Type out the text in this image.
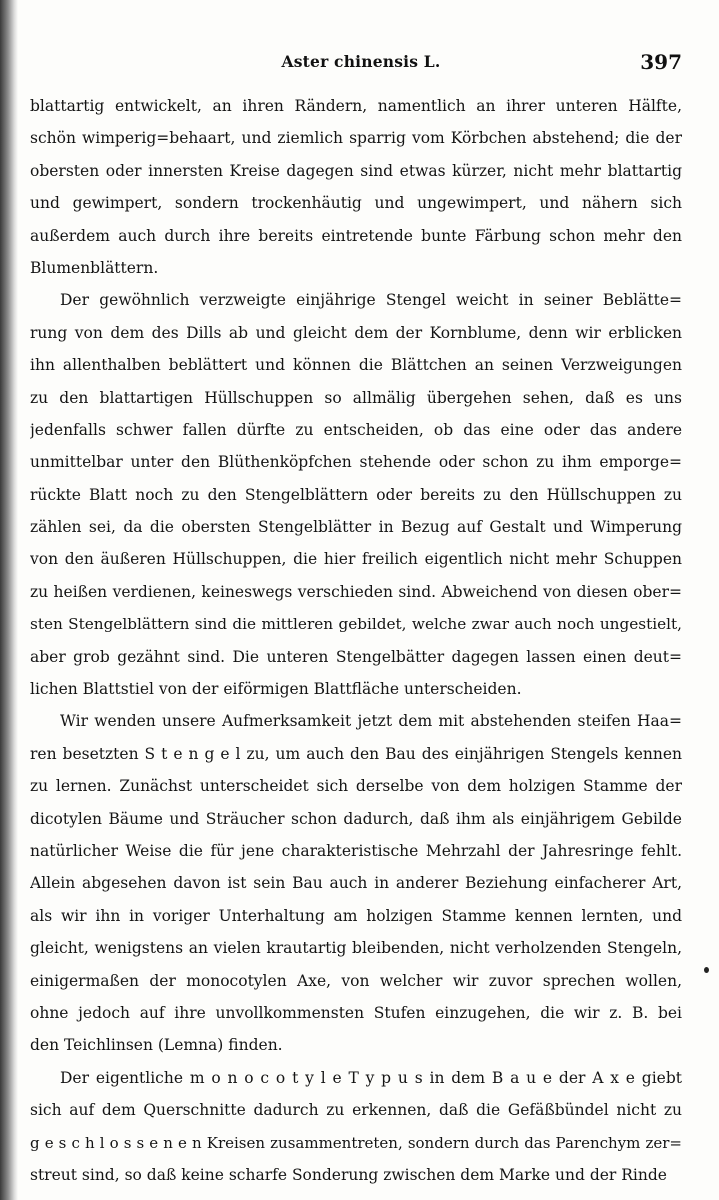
Aster chinensis L.	397
blattartig entwickelt, an ihren Rändern, namentlich an ihrer unteren Hälfte,
schön wimperig=behaart, und ziemlich sparrig vom Körbchen abstehend; die der
obersten oder innersten Kreise dagegen sind etwas kürzer, nicht mehr blattartig
und gewimpert, sondern trockenhäutig und ungewimpert, und nähern sich
außerdem auch durch ihre bereits eintretende bunte Färbung schon mehr den
Blumenblättern.
Der gewöhnlich verzweigte einjährige Stengel weicht in seiner Beblätte=
rung von dem des Dills ab und gleicht dem der Kornblume, denn wir erblicken
ihn allenthalben beblättert und können die Blättchen an seinen Verzweigungen
zu den blattartigen Hüllschuppen so allmälig übergehen sehen, daß es uns
jedenfalls schwer fallen dürfte zu entscheiden, ob das eine oder das andere
unmittelbar unter den Blüthenköpfchen stehende oder schon zu ihm emporge=
rückte Blatt noch zu den Stengelblättern oder bereits zu den Hüllschuppen zu
zählen sei, da die obersten Stengelblätter in Bezug auf Gestalt und Wimperung
von den äußeren Hüllschuppen, die hier freilich eigentlich nicht mehr Schuppen
zu heißen verdienen, keineswegs verschieden sind. Abweichend von diesen ober=
sten Stengelblättern sind die mittleren gebildet, welche zwar auch noch ungestielt,
aber grob gezähnt sind. Die unteren Stengelbätter dagegen lassen einen deut=
lichen Blattstiel von der eiförmigen Blattfläche unterscheiden.
Wir wenden unsere Aufmerksamkeit jetzt dem mit abstehenden steifen Haa=
ren besetzten S t e n g e l zu, um auch den Bau des einjährigen Stengels kennen
zu lernen. Zunächst unterscheidet sich derselbe von dem holzigen Stamme der
dicotylen Bäume und Sträucher schon dadurch, daß ihm als einjährigem Gebilde
natürlicher Weise die für jene charakteristische Mehrzahl der Jahresringe fehlt.
Allein abgesehen davon ist sein Bau auch in anderer Beziehung einfacherer Art,
als wir ihn in voriger Unterhaltung am holzigen Stamme kennen lernten, und
gleicht, wenigstens an vielen krautartig bleibenden, nicht verholzenden Stengeln,
einigermaßen der monocotylen Axe, von welcher wir zuvor sprechen wollen,
ohne jedoch auf ihre unvollkommensten Stufen einzugehen, die wir z. B. bei
den Teichlinsen (Lemna) finden.
Der eigentliche m o n o c o t y l e T y p u s in dem B a u e der A x e giebt
sich auf dem Querschnitte dadurch zu erkennen, daß die Gefäßbündel nicht zu
g e s c h l o s s e n e n Kreisen zusammentreten, sondern durch das Parenchym zer=
streut sind, so daß keine scharfe Sonderung zwischen dem Marke und der Rinde
